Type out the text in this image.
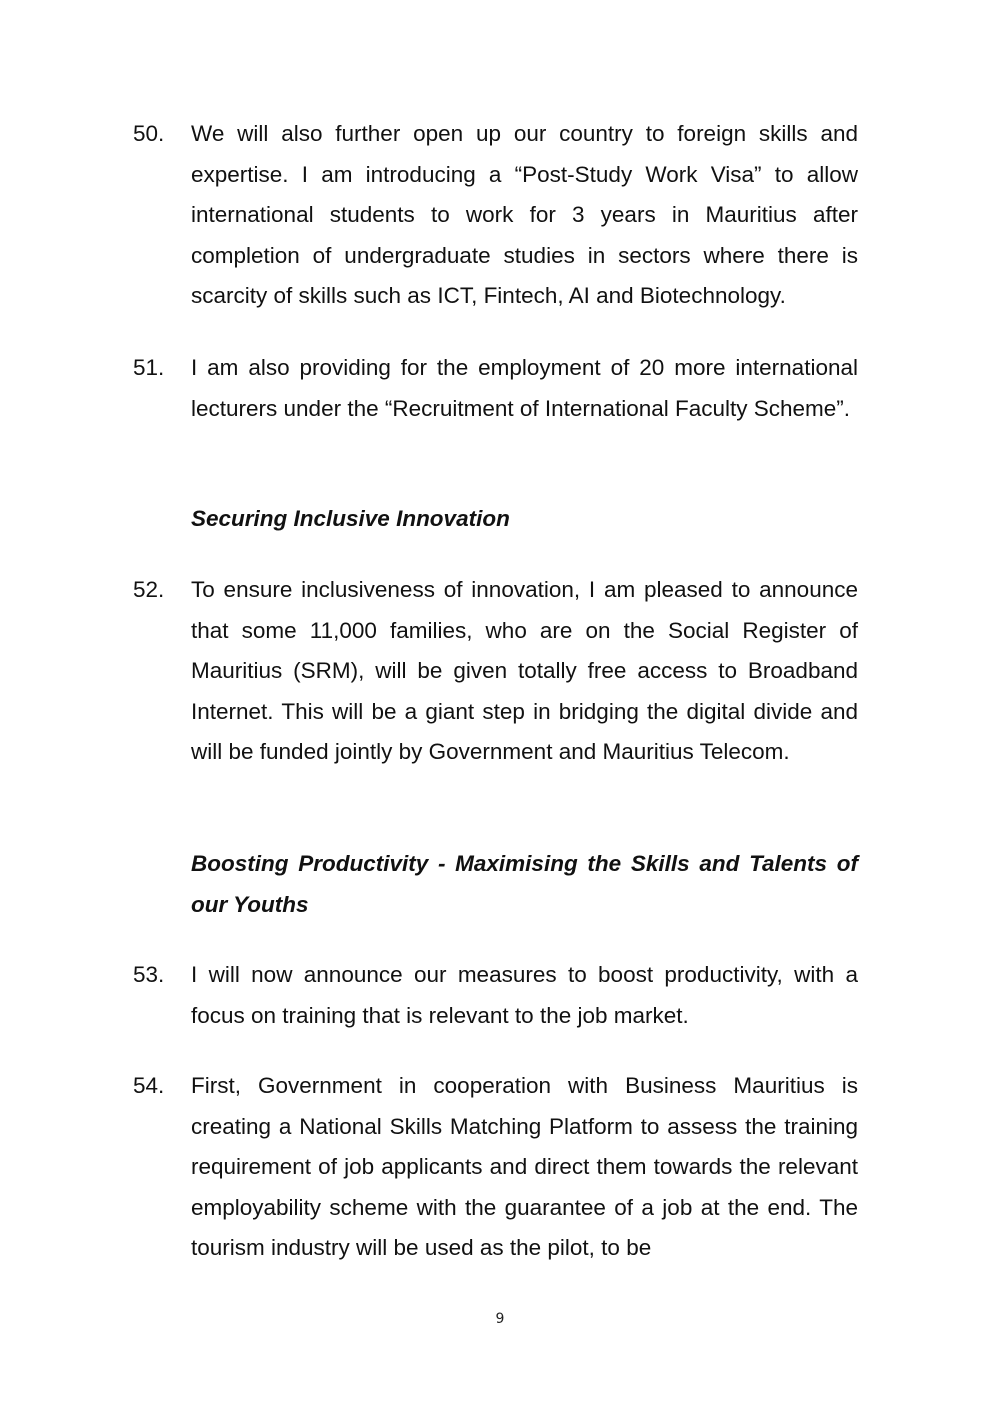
50. We will also further open up our country to foreign skills and expertise. I am introducing a “Post-Study Work Visa” to allow international students to work for 3 years in Mauritius after completion of undergraduate studies in sectors where there is scarcity of skills such as ICT, Fintech, AI and Biotechnology.
51. I am also providing for the employment of 20 more international lecturers under the “Recruitment of International Faculty Scheme”.
Securing Inclusive Innovation
52. To ensure inclusiveness of innovation, I am pleased to announce that some 11,000 families, who are on the Social Register of Mauritius (SRM), will be given totally free access to Broadband Internet. This will be a giant step in bridging the digital divide and will be funded jointly by Government and Mauritius Telecom.
Boosting Productivity - Maximising the Skills and Talents of our Youths
53. I will now announce our measures to boost productivity, with a focus on training that is relevant to the job market.
54. First, Government in cooperation with Business Mauritius is creating a National Skills Matching Platform to assess the training requirement of job applicants and direct them towards the relevant employability scheme with the guarantee of a job at the end. The tourism industry will be used as the pilot, to be
9
